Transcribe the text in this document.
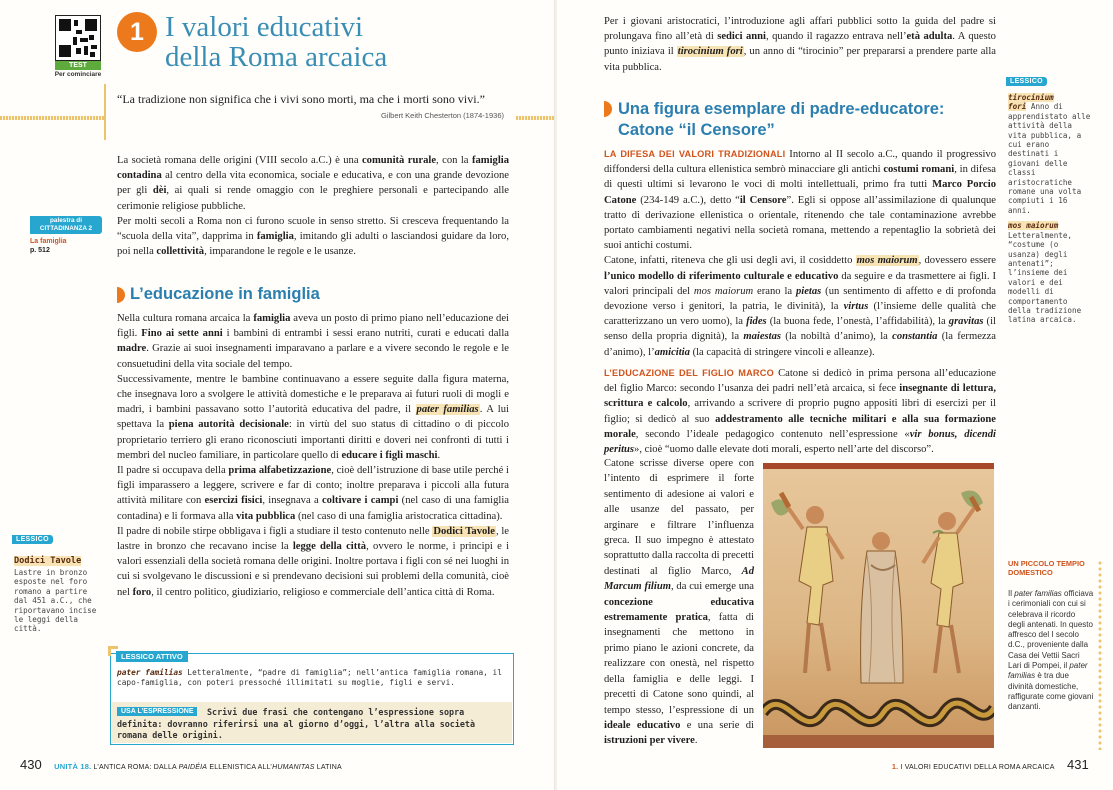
TEST
Per cominciare
1 I valori educativi
della Roma arcaica
“La tradizione non significa che i vivi sono morti, ma che i morti sono vivi.”
Gilbert Keith Chesterton (1874-1936)
palestra di
CITTADINANZA 2
La famiglia
p. 512

La società romana delle origini (VIII secolo a.C.) è una comunità rurale, con la famiglia contadina al centro della vita economica, sociale e educativa, e con una grande devozione per gli dèi, ai quali si rende omaggio con le preghiere personali e partecipando alle cerimonie religiose pubbliche.

Per molti secoli a Roma non ci furono scuole in senso stretto. Si cresceva frequentando la “scuola della vita”, dapprima in famiglia, imitando gli adulti o lasciandosi guidare da loro, poi nella collettività, imparandone le regole e le usanze.

L’educazione in famiglia

Nella cultura romana arcaica la famiglia aveva un posto di primo piano nell’educazione dei figli. Fino ai sette anni i bambini di entrambi i sessi erano nutriti, curati e educati dalla madre. Grazie ai suoi insegnamenti imparavano a parlare e a vivere secondo le regole e le consuetudini della vita sociale del tempo.

Successivamente, mentre le bambine continuavano a essere seguite dalla figura materna, che insegnava loro a svolgere le attività domestiche e le preparava ai futuri ruoli di mogli e madri, i bambini passavano sotto l’autorità educativa del padre, il pater familias. A lui spettava la piena autorità decisionale: in virtù del suo status di cittadino o di piccolo proprietario terriero gli erano riconosciuti importanti diritti e doveri nei confronti di tutti i membri del nucleo familiare, in particolare quello di educare i figli maschi.

Il padre si occupava della prima alfabetizzazione, cioè dell’istruzione di base utile perché i figli imparassero a leggere, scrivere e far di conto; inoltre preparava i piccoli alla futura attività militare con esercizi fisici, insegnava a coltivare i campi (nel caso di una famiglia contadina) e li formava alla vita pubblica (nel caso di una famiglia aristocratica cittadina).

Il padre di nobile stirpe obbligava i figli a studiare il testo contenuto nelle Dodici Tavole, le lastre in bronzo che recavano incise la legge della città, ovvero le norme, i principi e i valori essenziali della società romana delle origini. Inoltre portava i figli con sé nei luoghi in cui si svolgevano le discussioni e si prendevano decisioni sui problemi della comunità, cioè nel foro, il centro politico, giudiziario, religioso e commerciale dell’antica città di Roma.

LESSICO
Dodici Tavole
Lastre in bronzo esposte nel foro romano a partire dal 451 a.C., che riportavano incise le leggi della città.
LESSICO ATTIVO
pater familias Letteralmente, “padre di famiglia”; nell’antica famiglia romana, il capo-famiglia, con poteri pressoché illimitati su moglie, figli e servi.
Scrivi due frasi che contengano l’espressione sopra definita: dovranno riferirsi una al giorno d’oggi, l’altra alla società romana delle origini.
USA L’ESPRESSIONE
430 UNITÀ 18. L’ANTICA ROMA: DALLA PAIDÉIA ELLENISTICA ALL’HUMANITAS LATINA

Per i giovani aristocratici, l’introduzione agli affari pubblici sotto la guida del padre si prolungava fino all’età di sedici anni, quando il ragazzo entrava nell’età adulta. A questo punto iniziava il tirocinium fori, un anno di “tirocinio” per prepararsi a prendere parte alla vita pubblica.

Una figura esemplare di padre-educatore:
Catone “il Censore”

LA DIFESA DEI VALORI TRADIZIONALI Intorno al II secolo a.C., quando il progressivo diffondersi della cultura ellenistica sembrò minacciare gli antichi costumi romani, in difesa di questi ultimi si levarono le voci di molti intellettuali, primo fra tutti Marco Porcio Catone (234-149 a.C.), detto “il Censore”. Egli si oppose all’assimilazione di qualunque tratto di derivazione ellenistica o orientale, ritenendo che tale contaminazione avrebbe portato cambiamenti negativi nella società romana, mettendo a repentaglio la sobrietà dei suoi antichi costumi.

Catone, infatti, riteneva che gli usi degli avi, il cosiddetto mos maiorum, dovessero essere l’unico modello di riferimento culturale e educativo da seguire e da trasmettere ai figli. I valori principali del mos maiorum erano la pietas (un sentimento di affetto e di profonda devozione verso i genitori, la patria, le divinità), la virtus (l’insieme delle qualità che caratterizzano un vero uomo), la fides (la buona fede, l’onestà, l’affidabilità), la gravitas (il senso della propria dignità), la maiestas (la nobiltà d’animo), la constantia (la fermezza d’animo), l’amicitia (la capacità di stringere vincoli e alleanze).

L’EDUCAZIONE DEL FIGLIO MARCO Catone si dedicò in prima persona all’educazione del figlio Marco: secondo l’usanza dei padri nell’età arcaica, si fece insegnante di lettura, scrittura e calcolo, arrivando a scrivere di proprio pugno appositi libri di esercizi per il figlio; si dedicò al suo addestramento alle tecniche militari e alla sua formazione morale, secondo l’ideale pedagogico contenuto nell’espressione «vir bonus, dicendi peritus», cioè “uomo dalle elevate doti morali, esperto nell’arte del discorso”.

Catone scrisse diverse opere con l’intento di esprimere il forte sentimento di adesione ai valori e alle usanze del passato, per arginare e filtrare l’influenza greca. Il suo impegno è attestato soprattutto dalla raccolta di precetti destinati al figlio Marco, Ad Marcum filium, da cui emerge una concezione educativa estremamente pratica, fatta di insegnamenti che mettono in primo piano le azioni concrete, da realizzare con onestà, nel rispetto della famiglia e delle leggi. I precetti di Catone sono quindi, al tempo stesso, l’espressione di un ideale educativo e una serie di istruzioni per vivere.

LESSICO
tirocinium
fori Anno di apprendistato alle attività della vita pubblica, a cui erano destinati i giovani delle classi aristocratiche romane una volta compiuti i 16 anni.
mos maiorum
Letteralmente, “costume (o usanza) degli antenati”; l’insieme dei valori e dei modelli di comportamento della tradizione latina arcaica.
1. I VALORI EDUCATIVI DELLA ROMA ARCAICA 431
UN PICCOLO TEMPIO DOMESTICO
Il pater familias officiava i cerimoniali con cui si celebrava il ricordo degli antenati. In questo affresco del I secolo d.C., proveniente dalla Casa dei Vettii Sacri Lari di Pompei, il pater familias è tra due divinità domestiche, raffigurate come giovani danzanti.
